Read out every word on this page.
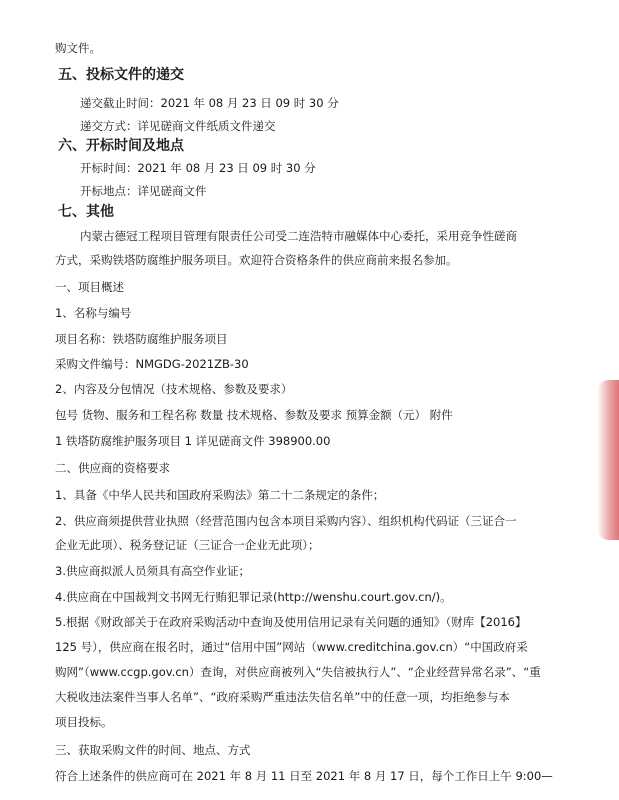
购文件。
五、投标文件的递交
递交截止时间：2021 年 08 月 23 日 09 时 30 分
递交方式：详见磋商文件纸质文件递交
六、开标时间及地点
开标时间：2021 年 08 月 23 日 09 时 30 分
开标地点：详见磋商文件
七、其他
内蒙古德冠工程项目管理有限责任公司受二连浩特市融媒体中心委托，采用竞争性磋商
方式，采购铁塔防腐维护服务项目。欢迎符合资格条件的供应商前来报名参加。
一、项目概述
1、名称与编号
项目名称：铁塔防腐维护服务项目
采购文件编号：NMGDG-2021ZB-30
2、内容及分包情况（技术规格、参数及要求）
包号 货物、服务和工程名称 数量 技术规格、参数及要求 预算金额（元） 附件
1 铁塔防腐维护服务项目 1 详见磋商文件 398900.00
二、供应商的资格要求
1、具备《中华人民共和国政府采购法》第二十二条规定的条件；
2、供应商须提供营业执照（经营范围内包含本项目采购内容）、组织机构代码证（三证合一
企业无此项）、税务登记证（三证合一企业无此项）；
3.供应商拟派人员须具有高空作业证；
4.供应商在中国裁判文书网无行贿犯罪记录(http://wenshu.court.gov.cn/)。
5.根据《财政部关于在政府采购活动中查询及使用信用记录有关问题的通知》（财库【2016】
125 号），供应商在报名时，通过“信用中国”网站（www.creditchina.gov.cn）“中国政府采
购网”（www.ccgp.gov.cn）查询，对供应商被列入“失信被执行人”、“企业经营异常名录”、“重
大税收违法案件当事人名单”、“政府采购严重违法失信名单”中的任意一项，均拒绝参与本
项目投标。
三、获取采购文件的时间、地点、方式
符合上述条件的供应商可在 2021 年 8 月 11 日至 2021 年 8 月 17 日，每个工作日上午 9:00—
